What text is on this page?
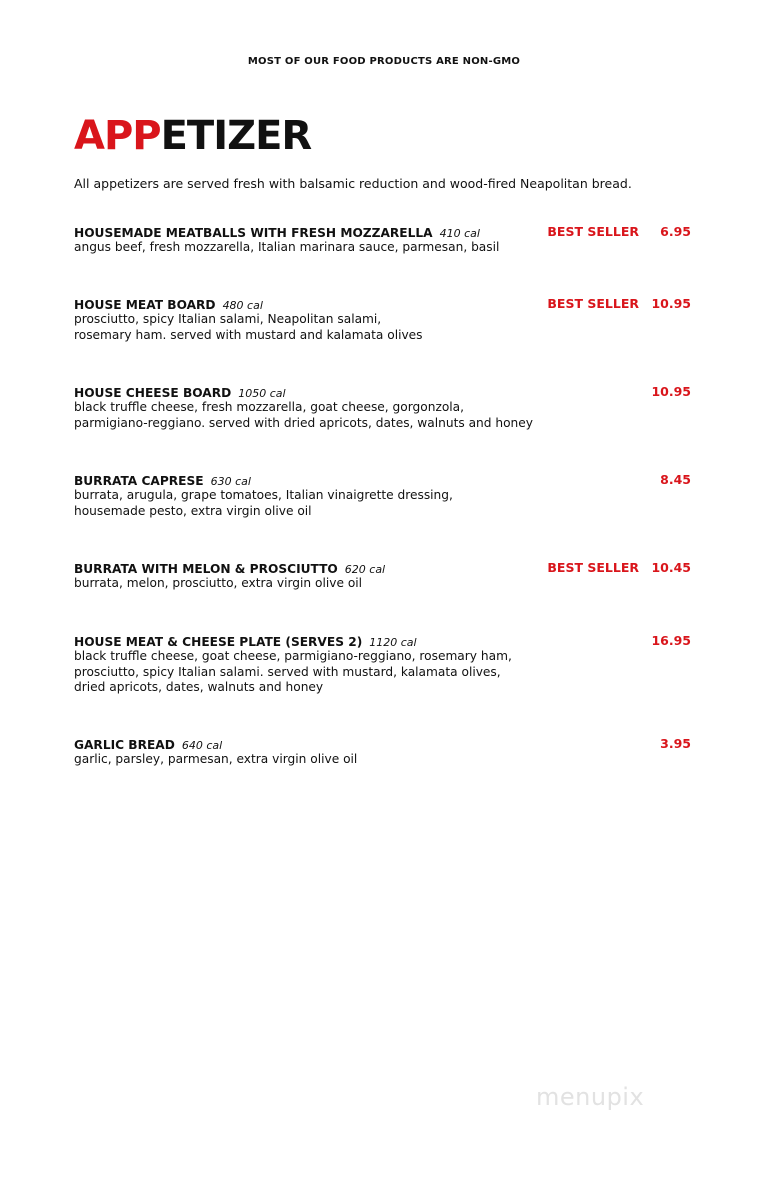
MOST OF OUR FOOD PRODUCTS ARE NON-GMO
APPETIZER
All appetizers are served fresh with balsamic reduction and wood-fired Neapolitan bread.
HOUSEMADE MEATBALLS WITH FRESH MOZZARELLA 410 cal	BEST SELLER 6.95
angus beef, fresh mozzarella, Italian marinara sauce, parmesan, basil
HOUSE MEAT BOARD 480 cal	BEST SELLER 10.95
prosciutto, spicy Italian salami, Neapolitan salami,
rosemary ham. served with mustard and kalamata olives
HOUSE CHEESE BOARD 1050 cal	10.95
black truffle cheese, fresh mozzarella, goat cheese, gorgonzola,
parmigiano-reggiano. served with dried apricots, dates, walnuts and honey
BURRATA CAPRESE 630 cal	8.45
burrata, arugula, grape tomatoes, Italian vinaigrette dressing,
housemade pesto, extra virgin olive oil
BURRATA WITH MELON & PROSCIUTTO 620 cal	BEST SELLER 10.45
burrata, melon, prosciutto, extra virgin olive oil
HOUSE MEAT & CHEESE PLATE (SERVES 2) 1120 cal	16.95
black truffle cheese, goat cheese, parmigiano-reggiano, rosemary ham,
prosciutto, spicy Italian salami. served with mustard, kalamata olives,
dried apricots, dates, walnuts and honey
GARLIC BREAD 640 cal	3.95
garlic, parsley, parmesan, extra virgin olive oil
menupix
